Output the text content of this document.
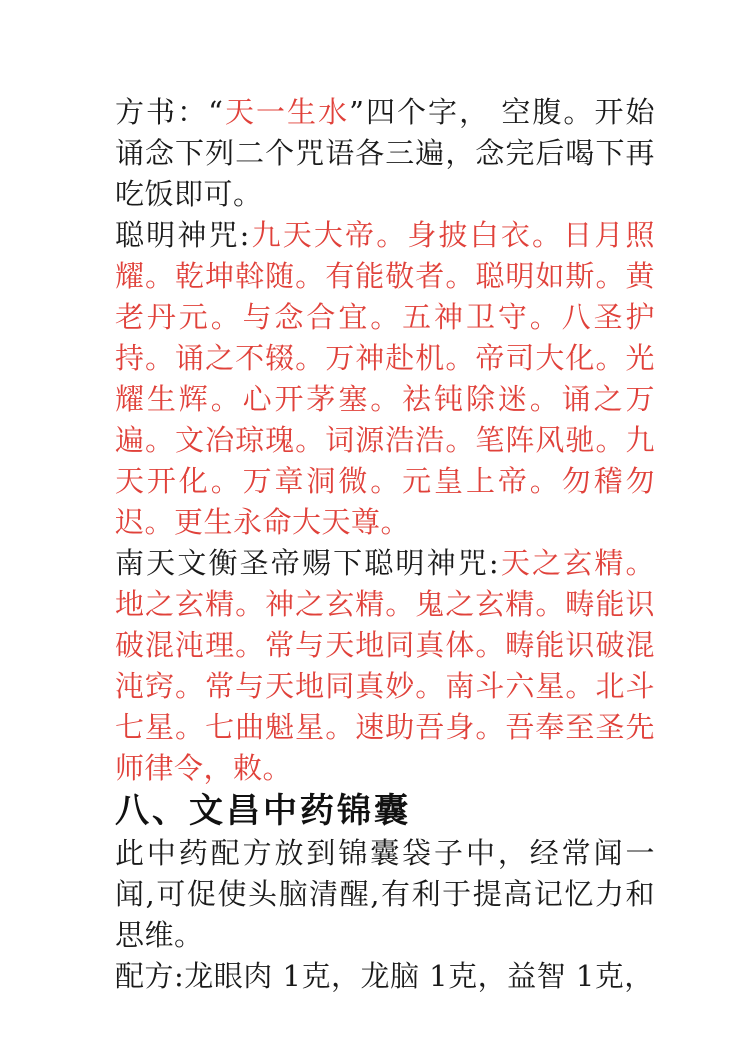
方书：“天一生水”四个字， 空腹。开始诵念下列二个咒语各三遍，念完后喝下再吃饭即可。

聪明神咒:九天大帝。身披白衣。日月照耀。乾坤斡随。有能敬者。聪明如斯。黄老丹元。与念合宜。五神卫守。八圣护持。诵之不辍。万神赴机。帝司大化。光耀生辉。心开茅塞。祛钝除迷。诵之万遍。文冶琼瑰。词源浩浩。笔阵风驰。九天开化。万章洞微。元皇上帝。勿稽勿迟。更生永命大天尊。

南天文衡圣帝赐下聪明神咒:天之玄精。地之玄精。神之玄精。鬼之玄精。畴能识破混沌理。常与天地同真体。畴能识破混沌窍。常与天地同真妙。南斗六星。北斗七星。七曲魁星。速助吾身。吾奉至圣先师律令，敕。

八、文昌中药锦囊

此中药配方放到锦囊袋子中，经常闻一闻,可促使头脑清醒,有利于提高记忆力和思维。

配方:龙眼肉 1克，龙脑 1克，益智 1克，
